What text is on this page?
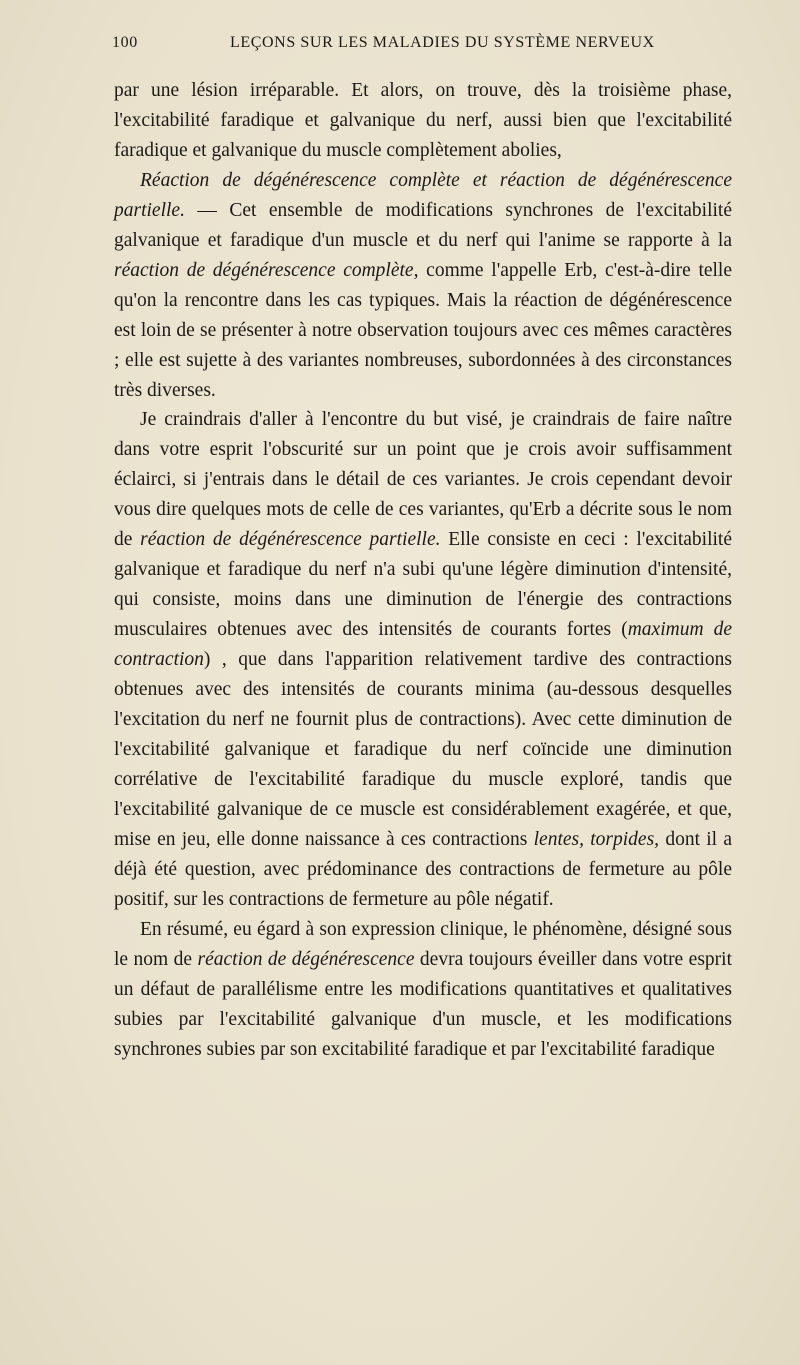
100	LEÇONS SUR LES MALADIES DU SYSTÈME NERVEUX

par une lésion irréparable. Et alors, on trouve, dès la troisième phase, l'excitabilité faradique et galvanique du nerf, aussi bien que l'excitabilité faradique et galvanique du muscle complètement abolies,

Réaction de dégénérescence complète et réaction de dégénérescence partielle. — Cet ensemble de modifications synchrones de l'excitabilité galvanique et faradique d'un muscle et du nerf qui l'anime se rapporte à la réaction de dégénérescence complète, comme l'appelle Erb, c'est-à-dire telle qu'on la rencontre dans les cas typiques. Mais la réaction de dégénérescence est loin de se présenter à notre observation toujours avec ces mêmes caractères ; elle est sujette à des variantes nombreuses, subordonnées à des circonstances très diverses.

Je craindrais d'aller à l'encontre du but visé, je craindrais de faire naître dans votre esprit l'obscurité sur un point que je crois avoir suffisamment éclairci, si j'entrais dans le détail de ces variantes. Je crois cependant devoir vous dire quelques mots de celle de ces variantes, qu'Erb a décrite sous le nom de réaction de dégénérescence partielle. Elle consiste en ceci : l'excitabilité galvanique et faradique du nerf n'a subi qu'une légère diminution d'intensité, qui consiste, moins dans une diminution de l'énergie des contractions musculaires obtenues avec des intensités de courants fortes (maximum de contraction) , que dans l'apparition relativement tardive des contractions obtenues avec des intensités de courants minima (au-dessous desquelles l'excitation du nerf ne fournit plus de contractions). Avec cette diminution de l'excitabilité galvanique et faradique du nerf coïncide une diminution corrélative de l'excitabilité faradique du muscle exploré, tandis que l'excitabilité galvanique de ce muscle est considérablement exagérée, et que, mise en jeu, elle donne naissance à ces contractions lentes, torpides, dont il a déjà été question, avec prédominance des contractions de fermeture au pôle positif, sur les contractions de fermeture au pôle négatif.

En résumé, eu égard à son expression clinique, le phénomène, désigné sous le nom de réaction de dégénérescence devra toujours éveiller dans votre esprit un défaut de parallélisme entre les modifications quantitatives et qualitatives subies par l'excitabilité galvanique d'un muscle, et les modifications synchrones subies par son excitabilité faradique et par l'excitabilité faradique
